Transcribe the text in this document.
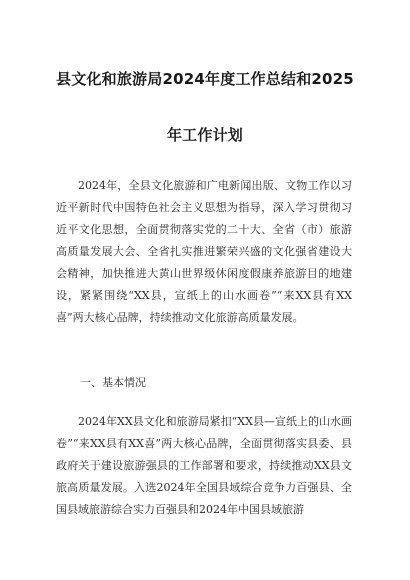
县文化和旅游局2024年度工作总结和2025
年工作计划

2024年，全县文化旅游和广电新闻出版、文物工作以习近平新时代中国特色社会主义思想为指导，深入学习贯彻习近平文化思想，全面贯彻落实党的二十大、全省（市）旅游高质量发展大会、全省扎实推进繁荣兴盛的文化强省建设大会精神，加快推进大黄山世界级休闲度假康养旅游目的地建设，紧紧围绕“XX县，宣纸上的山水画卷”“来XX县有XX喜”两大核心品牌，持续推动文化旅游高质量发展。

一、基本情况

2024年XX县文化和旅游局紧扣“XX县—宣纸上的山水画卷”“来XX县有XX喜”两大核心品牌，全面贯彻落实县委、县政府关于建设旅游强县的工作部署和要求，持续推动XX县文旅高质量发展。入选2024年全国县域综合竞争力百强县、全国县域旅游综合实力百强县和2024年中国县域旅游
